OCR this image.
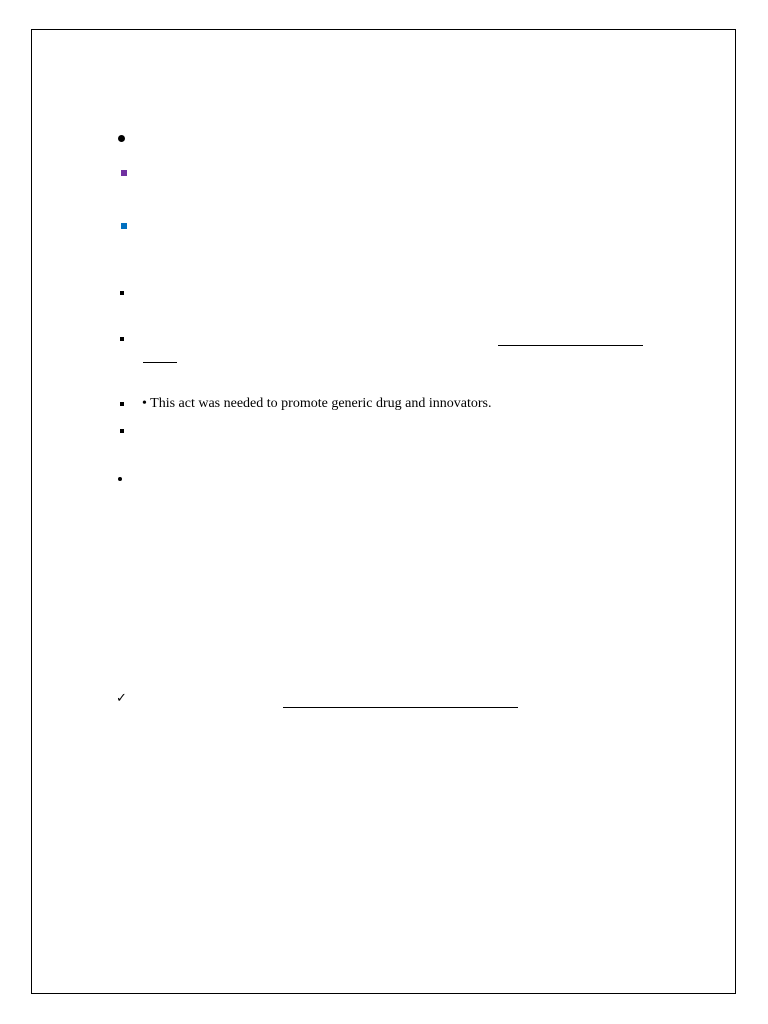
• This act was needed to promote generic drug and innovators.
✓
